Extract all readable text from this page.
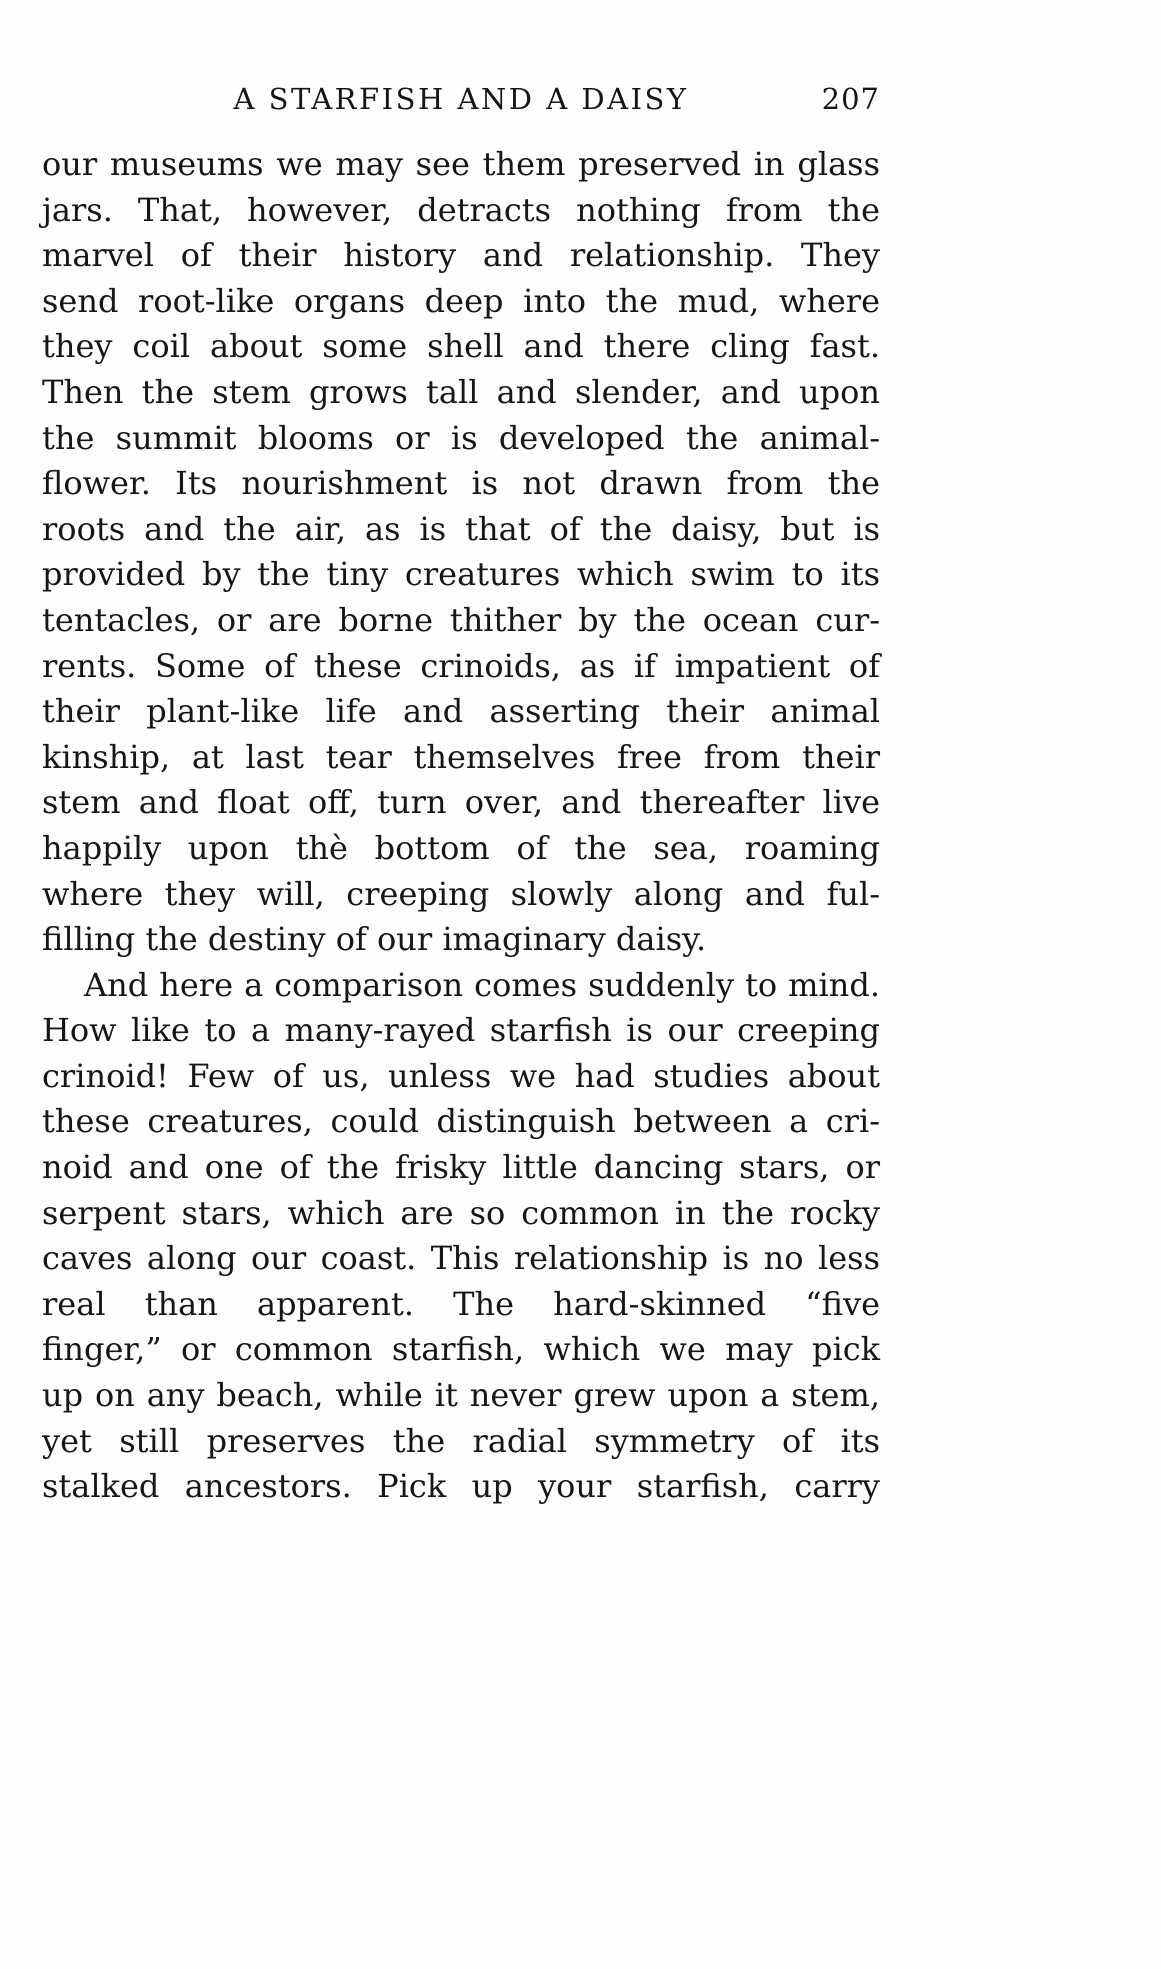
A STARFISH AND A DAISY	207
our museums we may see them preserved in glass
jars. That, however, detracts nothing from the
marvel of their history and relationship. They
send root-like organs deep into the mud, where
they coil about some shell and there cling fast.
Then the stem grows tall and slender, and upon
the summit blooms or is developed the animal-
flower. Its nourishment is not drawn from the
roots and the air, as is that of the daisy, but is
provided by the tiny creatures which swim to its
tentacles, or are borne thither by the ocean cur-
rents. Some of these crinoids, as if impatient of
their plant-like life and asserting their animal
kinship, at last tear themselves free from their
stem and float off, turn over, and thereafter live
happily upon thè bottom of the sea, roaming
where they will, creeping slowly along and ful-
filling the destiny of our imaginary daisy.
And here a comparison comes suddenly to mind.
How like to a many-rayed starfish is our creeping
crinoid! Few of us, unless we had studies about
these creatures, could distinguish between a cri-
noid and one of the frisky little dancing stars, or
serpent stars, which are so common in the rocky
caves along our coast. This relationship is no less
real than apparent. The hard-skinned “five
finger,” or common starfish, which we may pick
up on any beach, while it never grew upon a stem,
yet still preserves the radial symmetry of its
stalked ancestors. Pick up your starfish, carry
